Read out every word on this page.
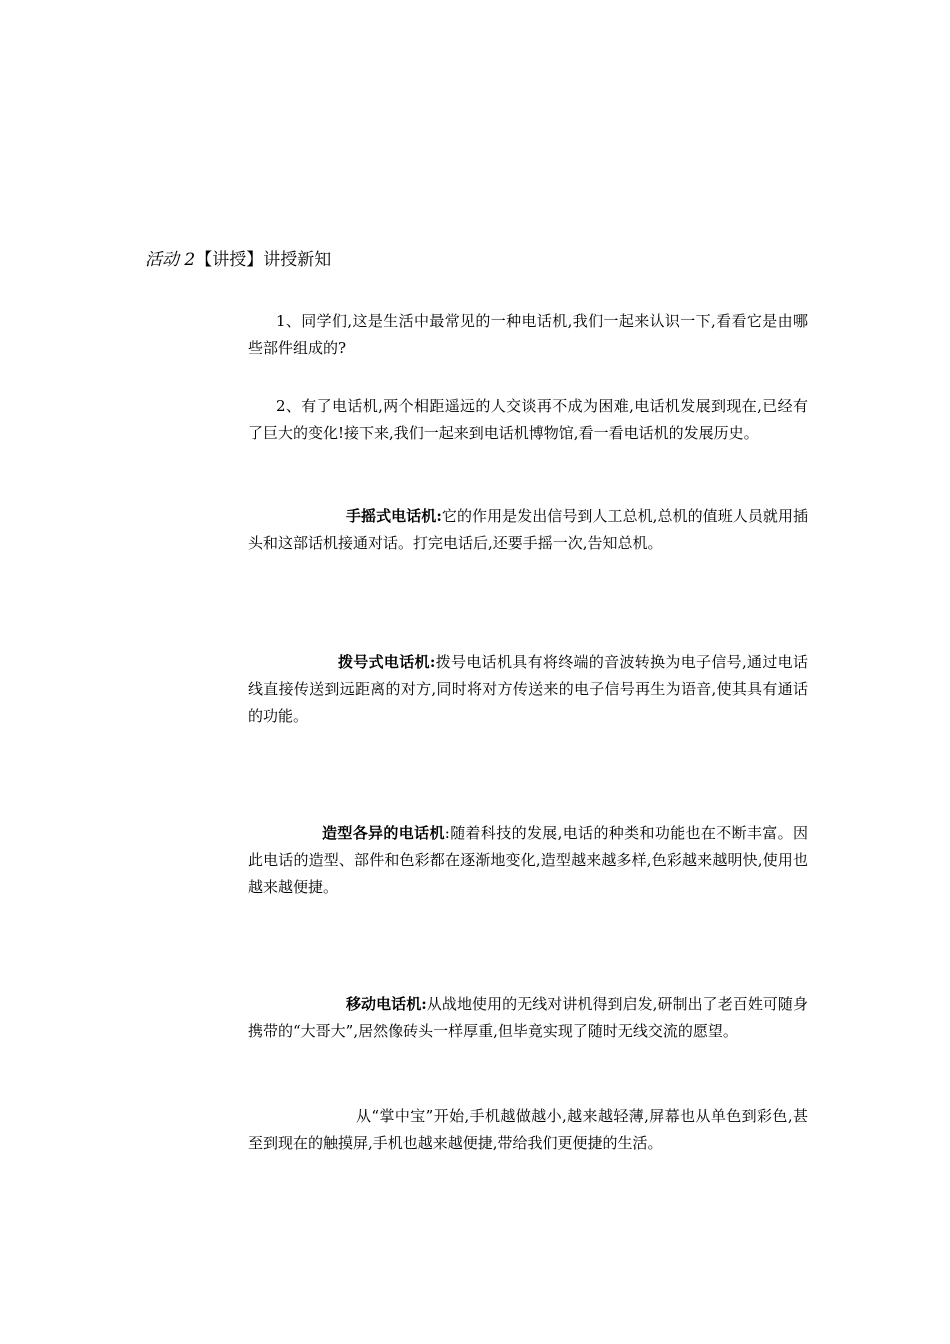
活动 2【讲授】讲授新知

1、同学们,这是生活中最常见的一种电话机,我们一起来认识一下,看看它是由哪些部件组成的?

2、有了电话机,两个相距遥远的人交谈再不成为困难,电话机发展到现在,已经有了巨大的变化!接下来,我们一起来到电话机博物馆,看一看电话机的发展历史。

手摇式电话机:它的作用是发出信号到人工总机,总机的值班人员就用插头和这部话机接通对话。打完电话后,还要手摇一次,告知总机。

拨号式电话机:拨号电话机具有将终端的音波转换为电子信号,通过电话线直接传送到远距离的对方,同时将对方传送来的电子信号再生为语音,使其具有通话的功能。

造型各异的电话机:随着科技的发展,电话的种类和功能也在不断丰富。因此电话的造型、部件和色彩都在逐渐地变化,造型越来越多样,色彩越来越明快,使用也越来越便捷。

移动电话机:从战地使用的无线对讲机得到启发,研制出了老百姓可随身携带的“大哥大”,居然像砖头一样厚重,但毕竟实现了随时无线交流的愿望。

从“掌中宝”开始,手机越做越小,越来越轻薄,屏幕也从单色到彩色,甚至到现在的触摸屏,手机也越来越便捷,带给我们更便捷的生活。
